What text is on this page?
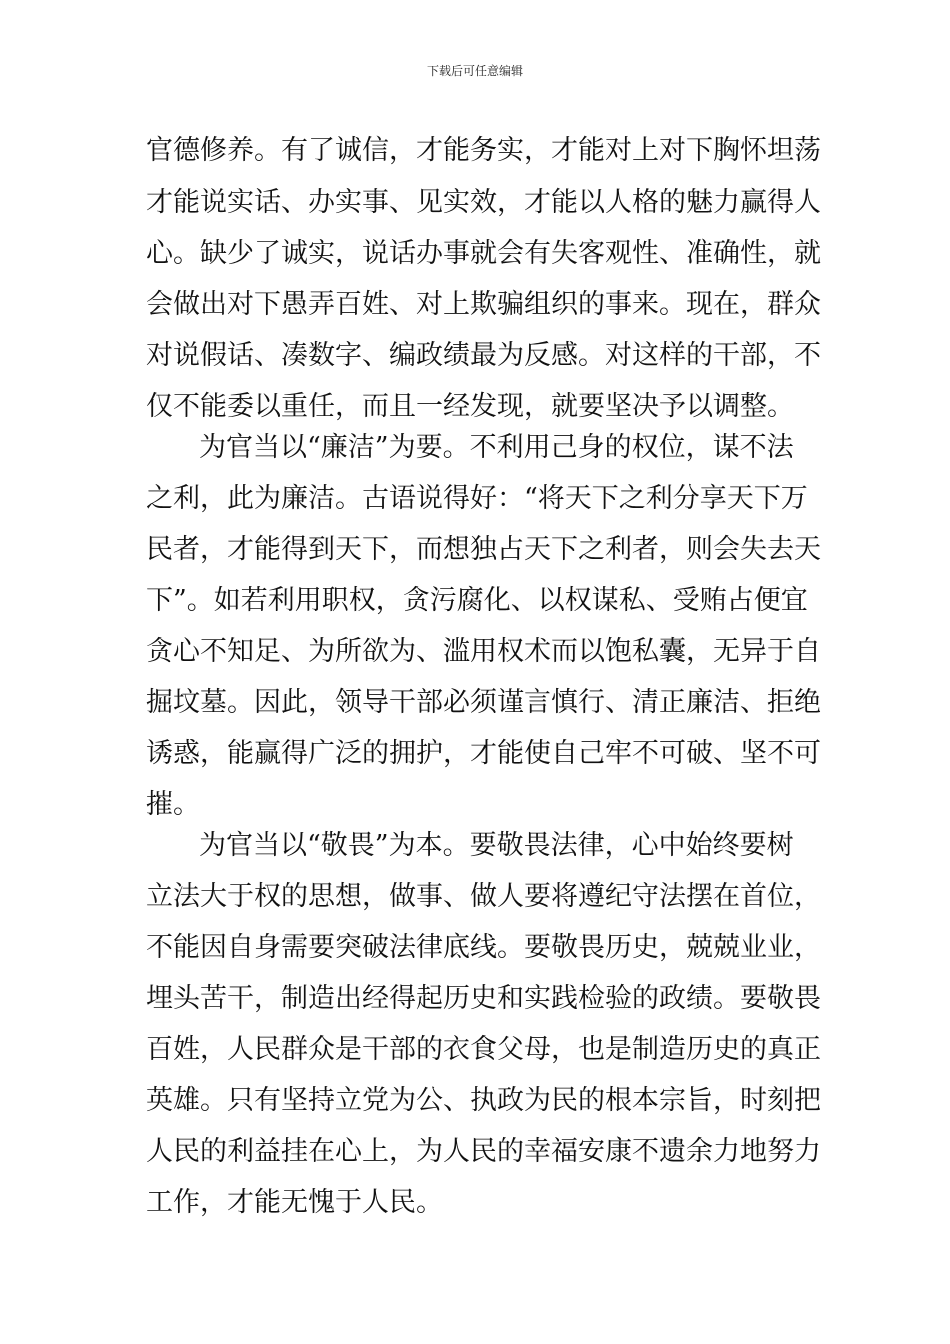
下载后可任意编辑
官德修养。有了诚信，才能务实，才能对上对下胸怀坦荡
才能说实话、办实事、见实效，才能以人格的魅力赢得人
心。缺少了诚实，说话办事就会有失客观性、准确性，就
会做出对下愚弄百姓、对上欺骗组织的事来。现在，群众
对说假话、凑数字、编政绩最为反感。对这样的干部，不
仅不能委以重任，而且一经发现，就要坚决予以调整。
为官当以“廉洁”为要。不利用己身的权位，谋不法
之利，此为廉洁。古语说得好：“将天下之利分享天下万
民者，才能得到天下，而想独占天下之利者，则会失去天
下”。如若利用职权，贪污腐化、以权谋私、受贿占便宜
贪心不知足、为所欲为、滥用权术而以饱私囊，无异于自
掘坟墓。因此，领导干部必须谨言慎行、清正廉洁、拒绝
诱惑，能赢得广泛的拥护，才能使自己牢不可破、坚不可
摧。
为官当以“敬畏”为本。要敬畏法律，心中始终要树
立法大于权的思想，做事、做人要将遵纪守法摆在首位，
不能因自身需要突破法律底线。要敬畏历史，兢兢业业，
埋头苦干，制造出经得起历史和实践检验的政绩。要敬畏
百姓，人民群众是干部的衣食父母，也是制造历史的真正
英雄。只有坚持立党为公、执政为民的根本宗旨，时刻把
人民的利益挂在心上，为人民的幸福安康不遗余力地努力
工作，才能无愧于人民。
